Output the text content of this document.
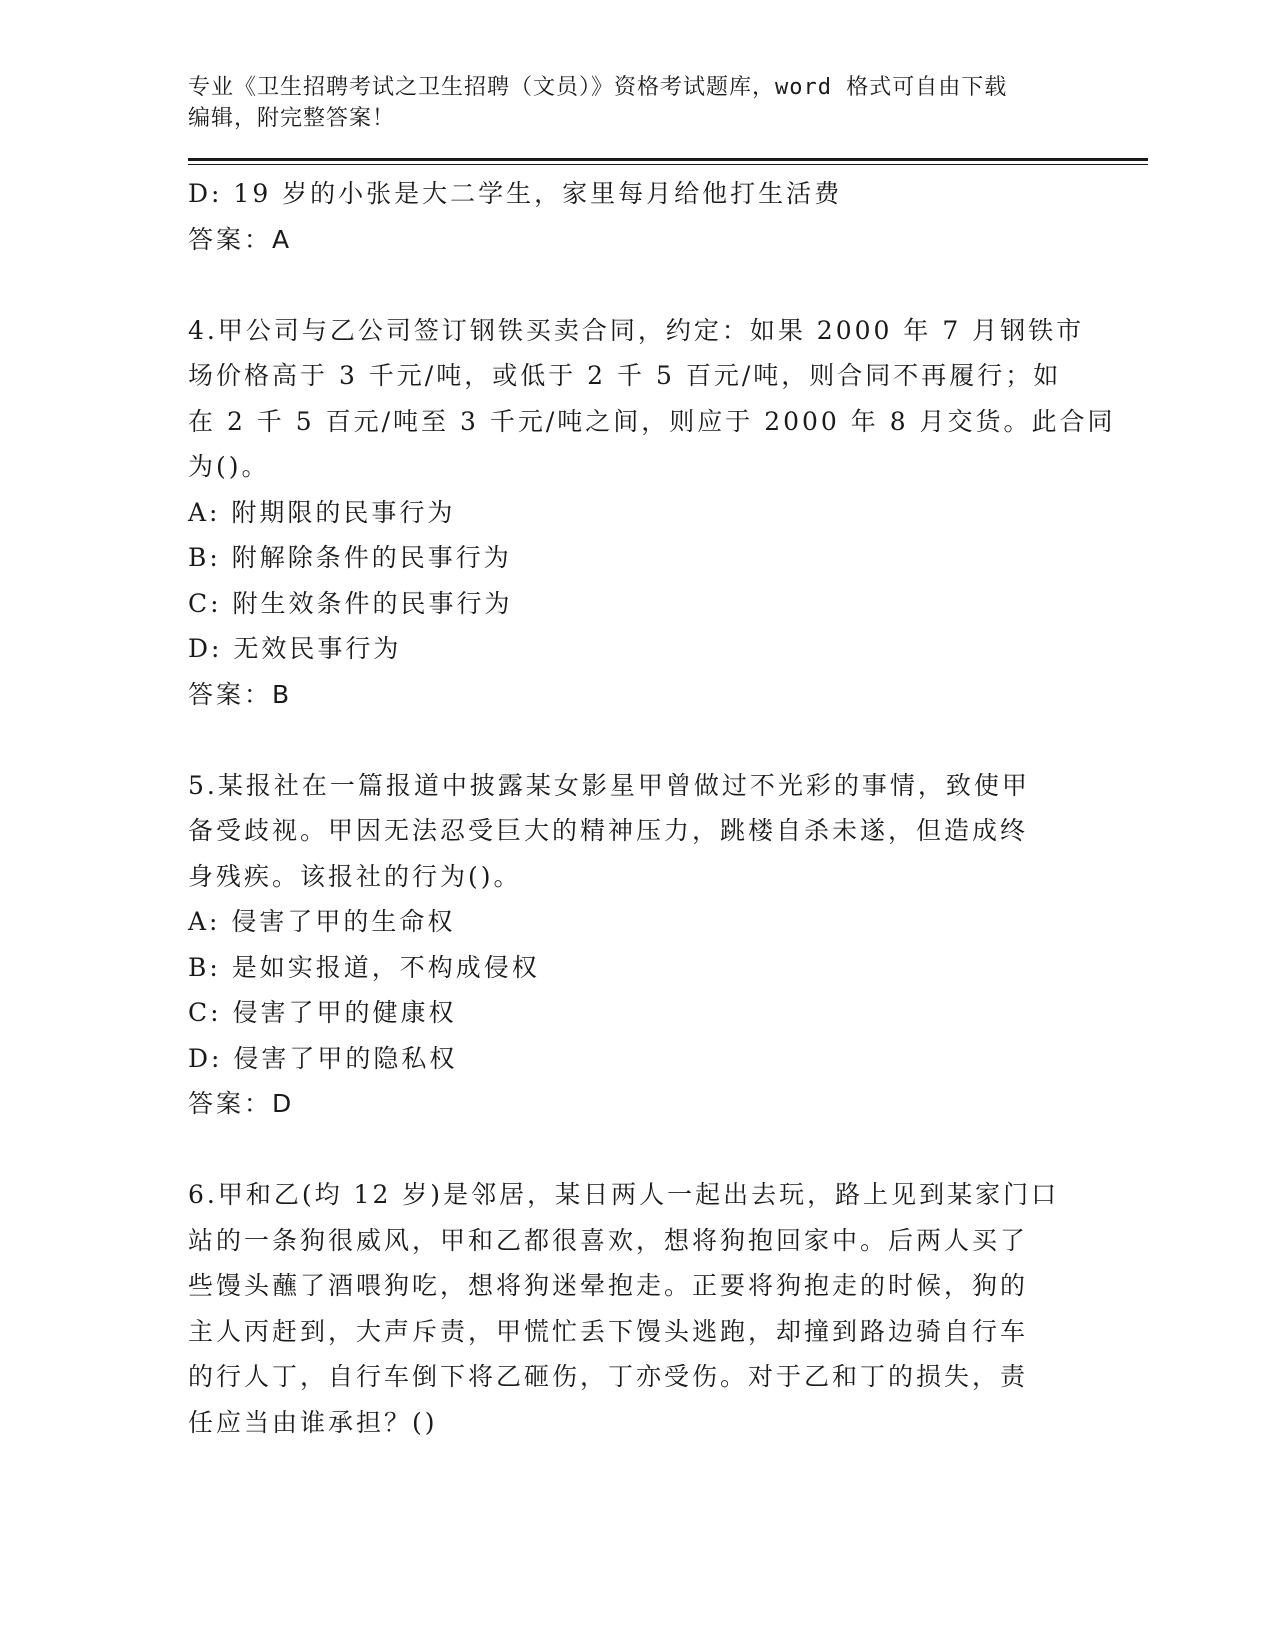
专业《卫生招聘考试之卫生招聘（文员）》资格考试题库，word 格式可自由下载

编辑，附完整答案！

D: 19 岁的小张是大二学生，家里每月给他打生活费
答案：A
4.甲公司与乙公司签订钢铁买卖合同，约定：如果 2000 年 7 月钢铁市
场价格高于 3 千元/吨，或低于 2 千 5 百元/吨，则合同不再履行；如
在 2 千 5 百元/吨至 3 千元/吨之间，则应于 2000 年 8 月交货。此合同
为()。
A: 附期限的民事行为
B: 附解除条件的民事行为
C: 附生效条件的民事行为
D: 无效民事行为
答案：B
5.某报社在一篇报道中披露某女影星甲曾做过不光彩的事情，致使甲
备受歧视。甲因无法忍受巨大的精神压力，跳楼自杀未遂，但造成终
身残疾。该报社的行为()。
A: 侵害了甲的生命权
B: 是如实报道，不构成侵权
C: 侵害了甲的健康权
D: 侵害了甲的隐私权
答案：D
6.甲和乙(均 12 岁)是邻居，某日两人一起出去玩，路上见到某家门口
站的一条狗很威风，甲和乙都很喜欢，想将狗抱回家中。后两人买了
些馒头蘸了酒喂狗吃，想将狗迷晕抱走。正要将狗抱走的时候，狗的
主人丙赶到，大声斥责，甲慌忙丢下馒头逃跑，却撞到路边骑自行车
的行人丁，自行车倒下将乙砸伤，丁亦受伤。对于乙和丁的损失，责
任应当由谁承担？()
